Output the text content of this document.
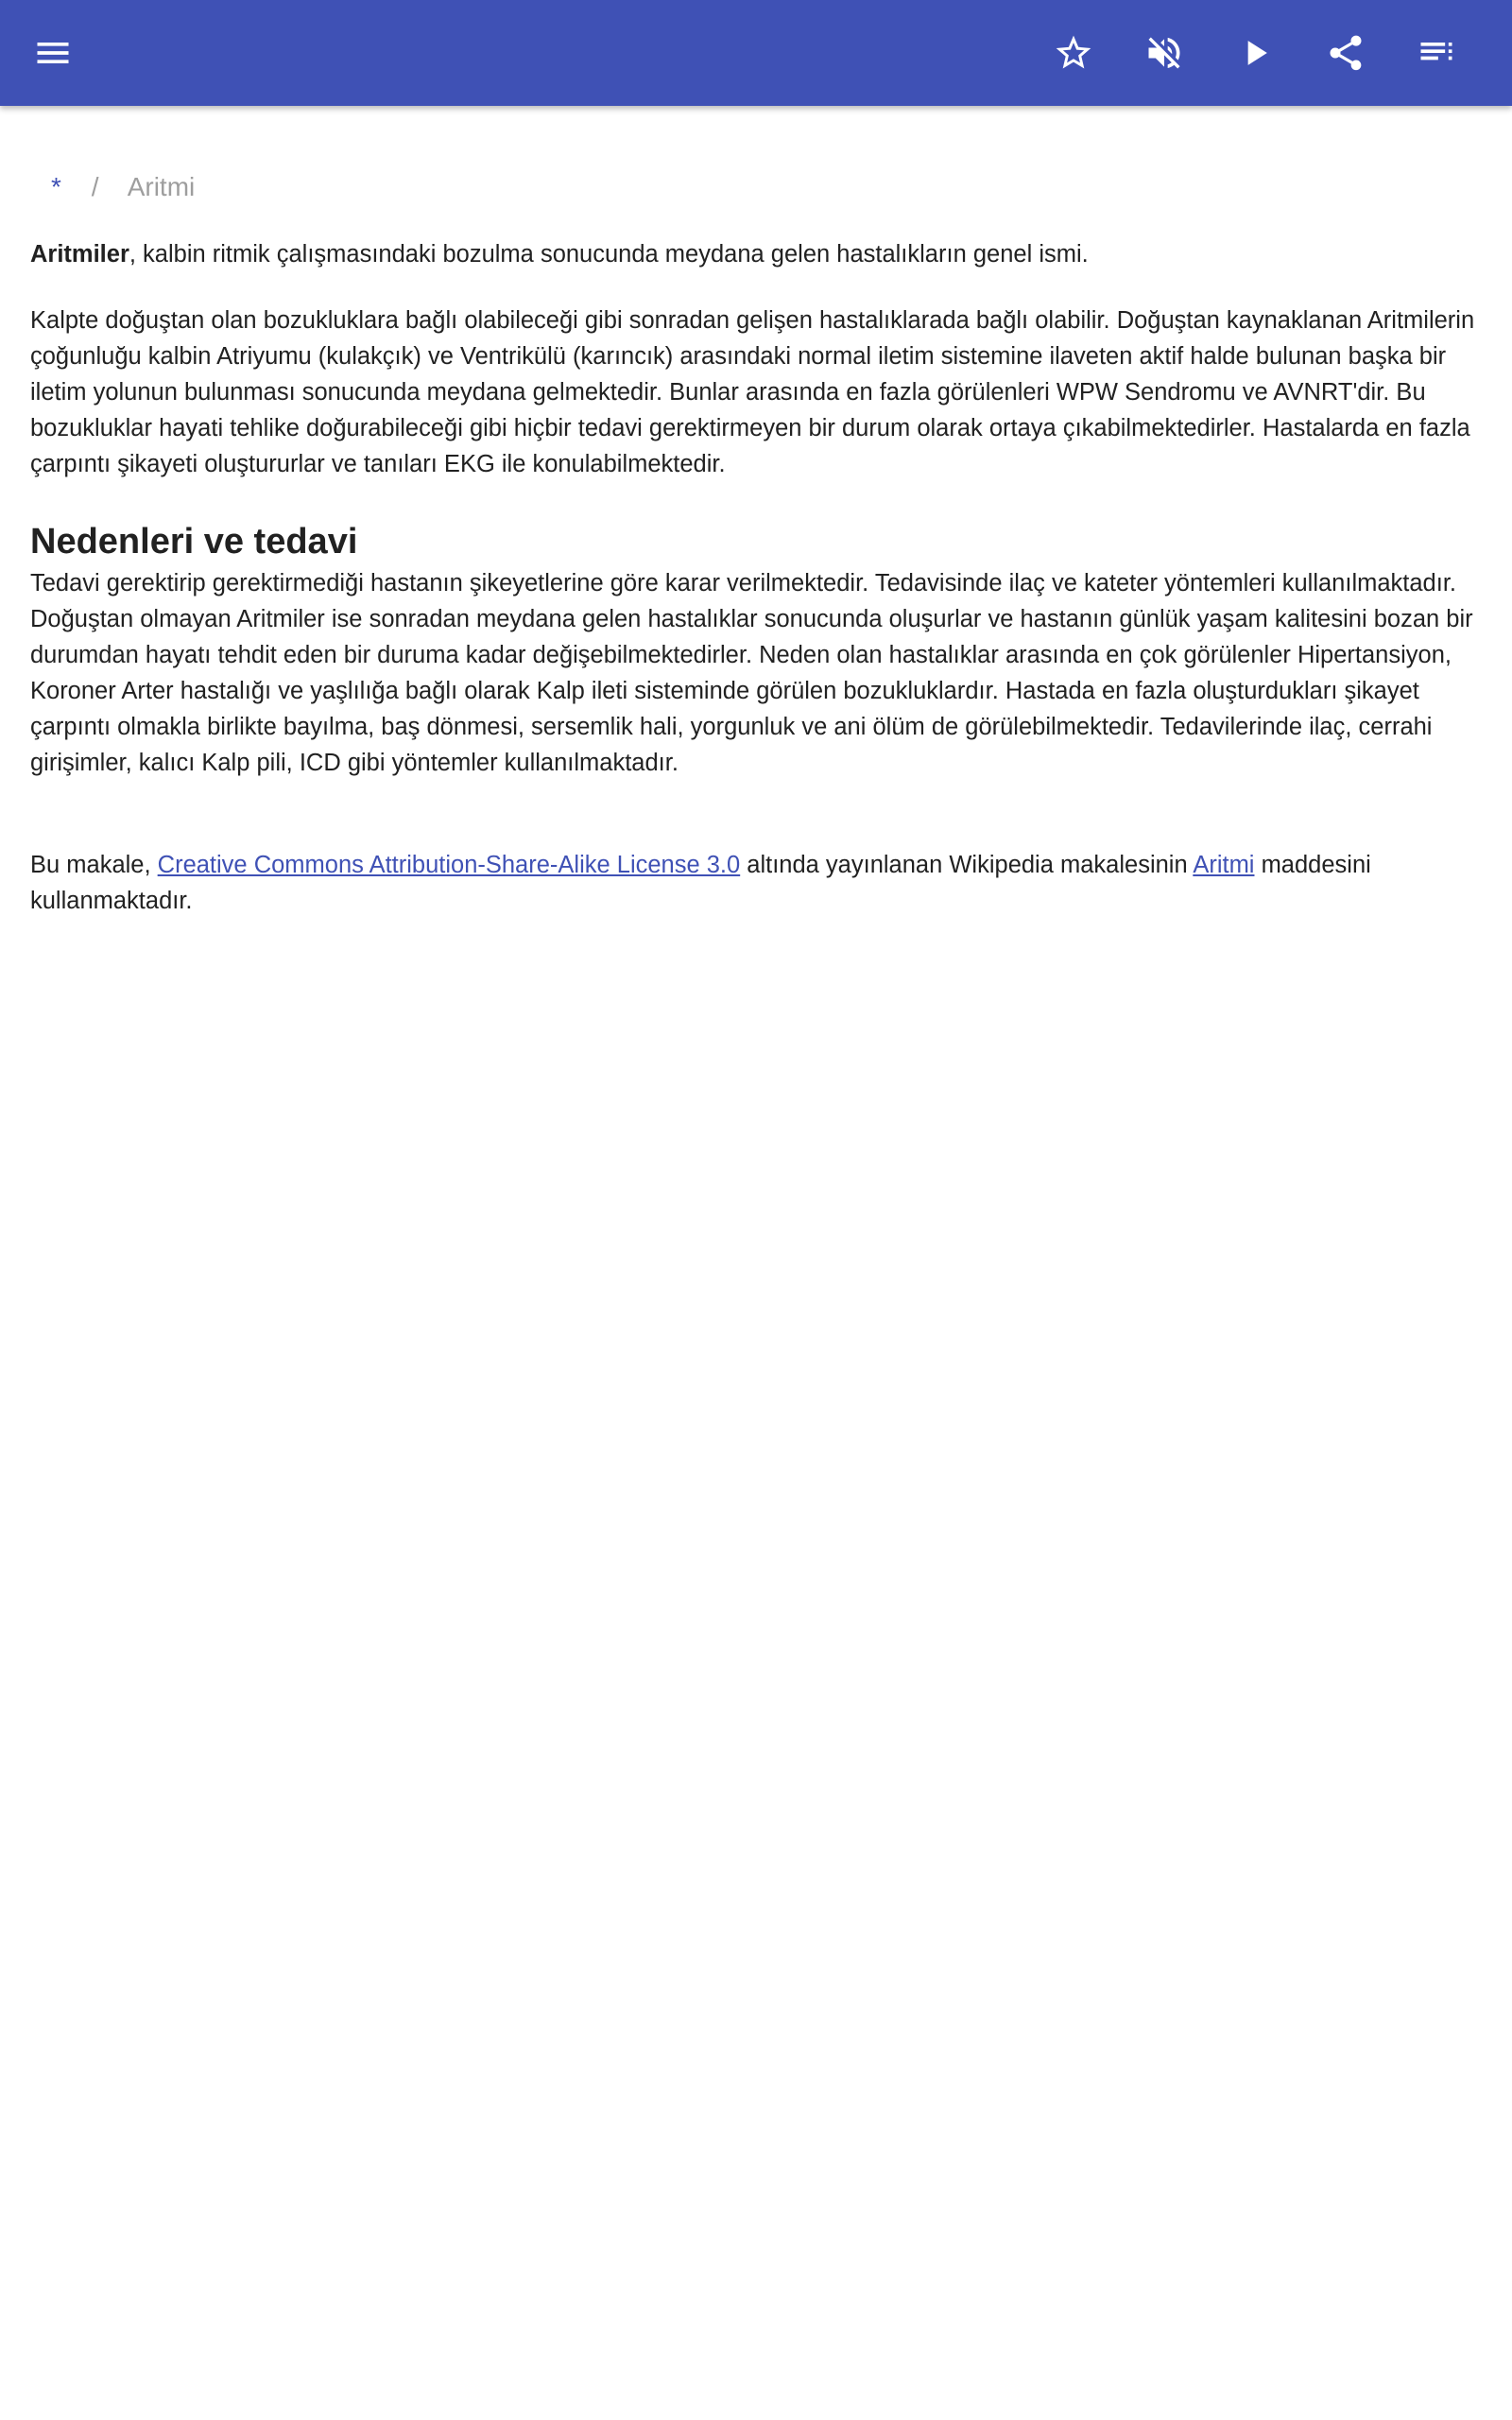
* / Aritmi

Aritmiler, kalbin ritmik çalışmasındaki bozulma sonucunda meydana gelen hastalıkların genel ismi.

Kalpte doğuştan olan bozukluklara bağlı olabileceği gibi sonradan gelişen hastalıklarada bağlı olabilir. Doğuştan kaynaklanan Aritmilerin çoğunluğu kalbin Atriyumu (kulakçık) ve Ventrikülü (karıncık) arasındaki normal iletim sistemine ilaveten aktif halde bulunan başka bir iletim yolunun bulunması sonucunda meydana gelmektedir. Bunlar arasında en fazla görülenleri WPW Sendromu ve AVNRT'dir. Bu bozukluklar hayati tehlike doğurabileceği gibi hiçbir tedavi gerektirmeyen bir durum olarak ortaya çıkabilmektedirler. Hastalarda en fazla çarpıntı şikayeti oluştururlar ve tanıları EKG ile konulabilmektedir.

Nedenleri ve tedavi

Tedavi gerektirip gerektirmediği hastanın şikeyetlerine göre karar verilmektedir. Tedavisinde ilaç ve kateter yöntemleri kullanılmaktadır. Doğuştan olmayan Aritmiler ise sonradan meydana gelen hastalıklar sonucunda oluşurlar ve hastanın günlük yaşam kalitesini bozan bir durumdan hayatı tehdit eden bir duruma kadar değişebilmektedirler. Neden olan hastalıklar arasında en çok görülenler Hipertansiyon, Koroner Arter hastalığı ve yaşlılığa bağlı olarak Kalp ileti sisteminde görülen bozukluklardır. Hastada en fazla oluşturdukları şikayet çarpıntı olmakla birlikte bayılma, baş dönmesi, sersemlik hali, yorgunluk ve ani ölüm de görülebilmektedir. Tedavilerinde ilaç, cerrahi girişimler, kalıcı Kalp pili, ICD gibi yöntemler kullanılmaktadır.

Bu makale, Creative Commons Attribution-Share-Alike License 3.0 altında yayınlanan Wikipedia makalesinin Aritmi maddesini kullanmaktadır.
